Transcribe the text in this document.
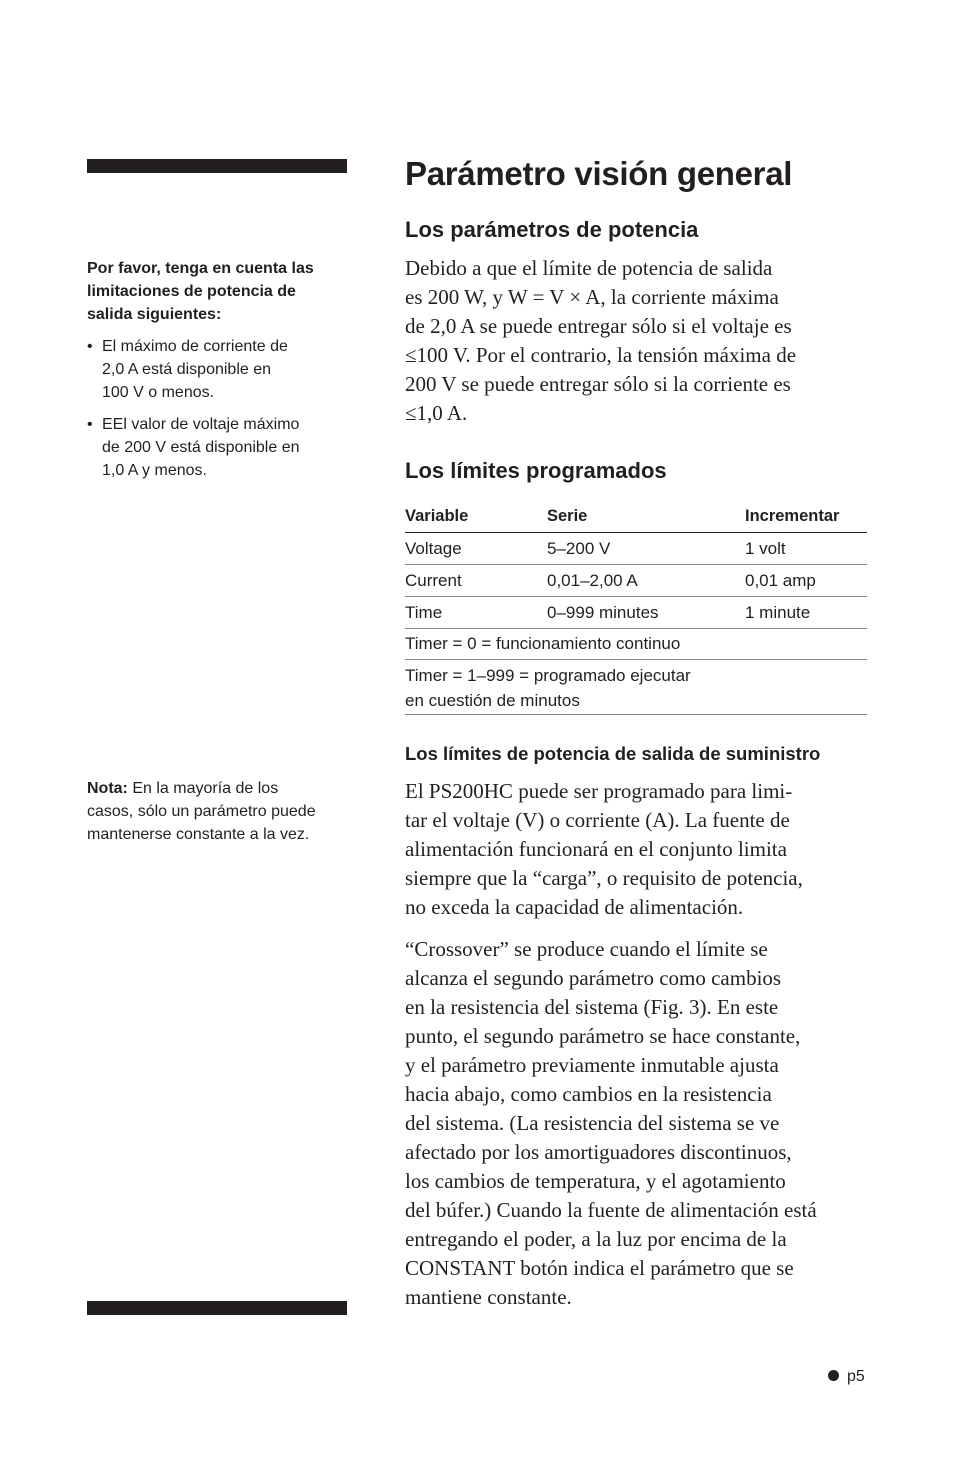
Por favor, tenga en cuenta las
limitaciones de potencia de
salida siguientes:
• El máximo de corriente de
2,0 A está disponible en
100 V o menos.
• EEl valor de voltaje máximo
de 200 V está disponible en
1,0 A y menos.
Nota: En la mayoría de los
casos, sólo un parámetro puede
mantenerse constante a la vez.
Parámetro visión general
Los parámetros de potencia

Debido a que el límite de potencia de salida
es 200 W, y W = V × A, la corriente máxima
de 2,0 A se puede entregar sólo si el voltaje es
≤100 V. Por el contrario, la tensión máxima de
200 V se puede entregar sólo si la corriente es
≤1,0 A.

Los límites programados
Variable	Serie	Incrementar
Voltage	5–200 V	1 volt
Current	0,01–2,00 A	0,01 amp
Time	0–999 minutes	1 minute
Timer = 0 = funcionamiento continuo
Timer = 1–999 = programado ejecutar
en cuestión de minutos
Los límites de potencia de salida de suministro

El PS200HC puede ser programado para limi-
tar el voltaje (V) o corriente (A). La fuente de
alimentación funcionará en el conjunto limita
siempre que la “carga”, o requisito de potencia,
no exceda la capacidad de alimentación.

“Crossover” se produce cuando el límite se
alcanza el segundo parámetro como cambios
en la resistencia del sistema (Fig. 3). En este
punto, el segundo parámetro se hace constante,
y el parámetro previamente inmutable ajusta
hacia abajo, como cambios en la resistencia
del sistema. (La resistencia del sistema se ve
afectado por los amortiguadores discontinuos,
los cambios de temperatura, y el agotamiento
del búfer.) Cuando la fuente de alimentación está
entregando el poder, a la luz por encima de la
CONSTANT botón indica el parámetro que se
mantiene constante.

p5
